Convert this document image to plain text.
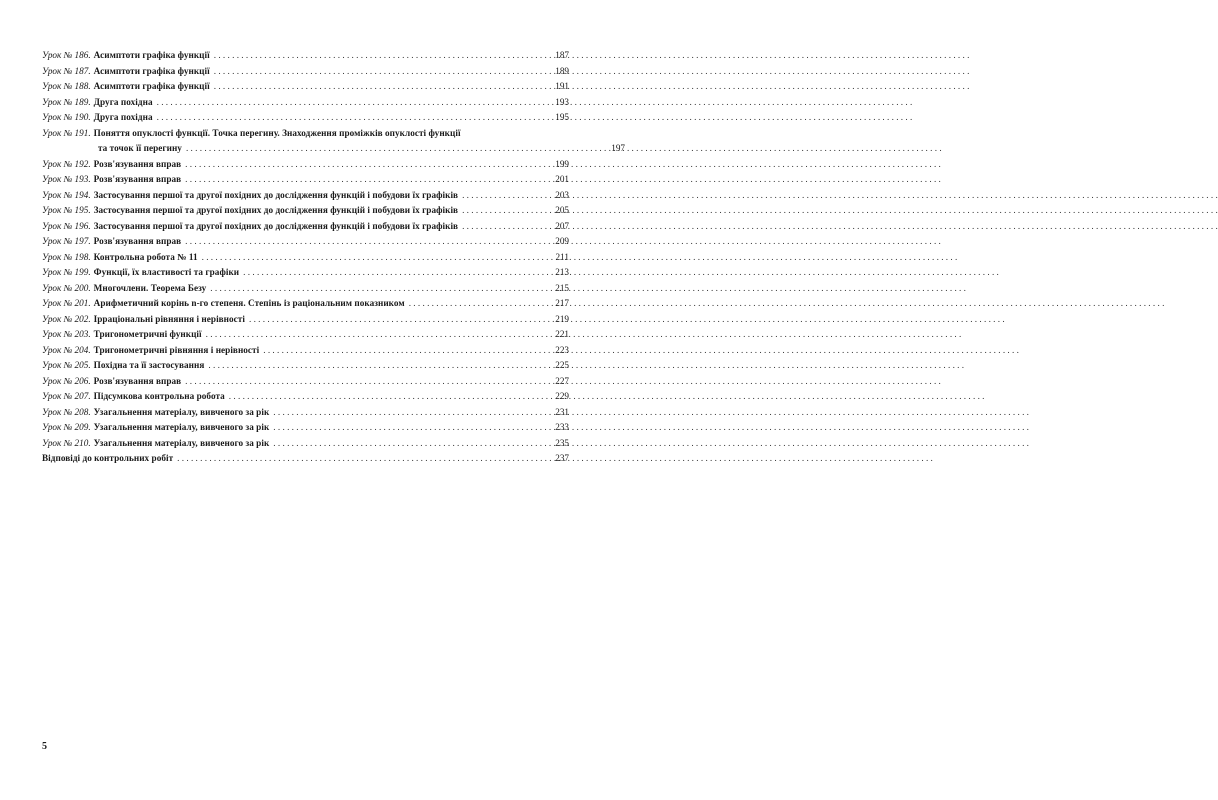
Урок № 186. Асимптоти графіка функції . . .	187
Урок № 187. Асимптоти графіка функції . . .	189
Урок № 188. Асимптоти графіка функції . . .	191
Урок № 189. Друга похідна . . .	193
Урок № 190. Друга похідна . . .	195
Урок № 191. Поняття опуклості функції. Точка перегину. Знаходження проміжків опуклості функції
та точок її перегину . . .	197
Урок № 192. Розв'язування вправ . . .	199
Урок № 193. Розв'язування вправ . . .	201
Урок № 194. Застосування першої та другої похідних до дослідження функцій і побудови їх графіків . . .	203
Урок № 195. Застосування першої та другої похідних до дослідження функцій і побудови їх графіків . . .	205
Урок № 196. Застосування першої та другої похідних до дослідження функцій і побудови їх графіків . . .	207
Урок № 197. Розв'язування вправ . . .	209
Урок № 198. Контрольна робота № 11 . . .	211
Урок № 199. Функції, їх властивості та графіки . . .	213
Урок № 200. Многочлени. Теорема Безу . . .	215
Урок № 201. Арифметичний корінь n-го степеня. Степінь із раціональним показником . . .	217
Урок № 202. Ірраціональні рівняння і нерівності . . .	219
Урок № 203. Тригонометричні функції . . .	221
Урок № 204. Тригонометричні рівняння і нерівності . . .	223
Урок № 205. Похідна та її застосування . . .	225
Урок № 206. Розв'язування вправ . . .	227
Урок № 207. Підсумкова контрольна робота . . .	229
Урок № 208. Узагальнення матеріалу, вивченого за рік . . .	231
Урок № 209. Узагальнення матеріалу, вивченого за рік . . .	233
Урок № 210. Узагальнення матеріалу, вивченого за рік . . .	235
Відповіді до контрольних робіт . . .	237
5
